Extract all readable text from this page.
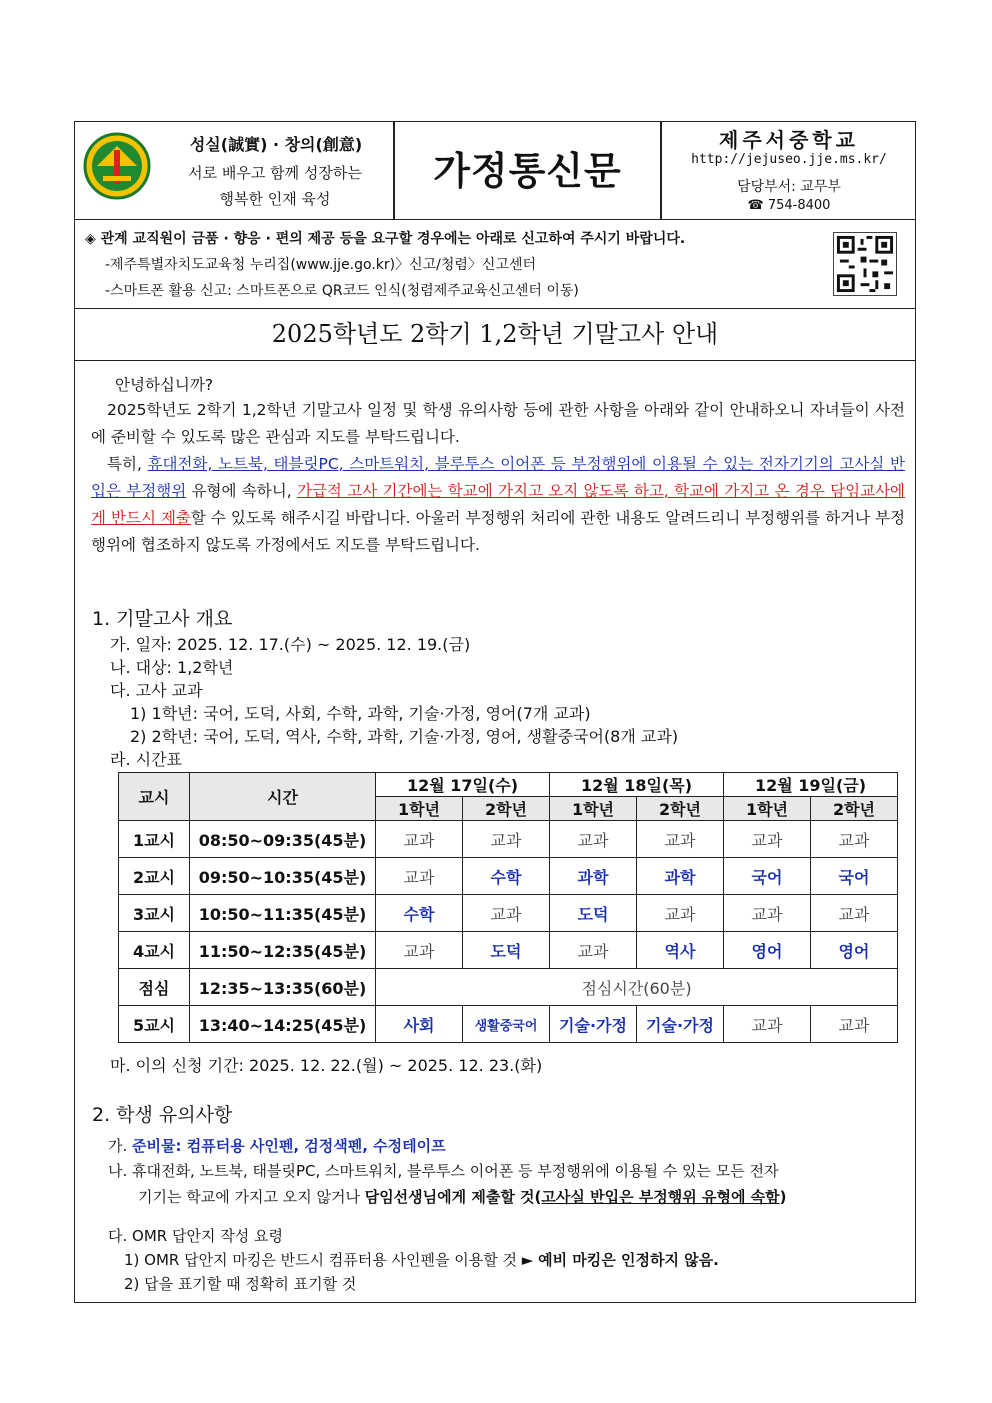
성실(誠實) · 창의(創意)
서로 배우고 함께 성장하는
행복한 인재 육성
가정통신문
제주서중학교
http://jejuseo.jje.ms.kr/
담당부서: 교무부
☎ 754-8400
◈ 관계 교직원이 금품 · 향응 · 편의 제공 등을 요구할 경우에는 아래로 신고하여 주시기 바랍니다.
-제주특별자치도교육청 누리집(www.jje.go.kr)〉신고/청렴〉신고센터
-스마트폰 활용 신고: 스마트폰으로 QR코드 인식(청렴제주교육신고센터 이동)
2025학년도 2학기 1,2학년 기말고사 안내
안녕하십니까?
2025학년도 2학기 1,2학년 기말고사 일정 및 학생 유의사항 등에 관한 사항을 아래와 같이 안내하오니 자녀들이 사전에 준비할 수 있도록 많은 관심과 지도를 부탁드립니다.
특히, 휴대전화, 노트북, 태블릿PC, 스마트워치, 블루투스 이어폰 등 부정행위에 이용될 수 있는 전자기기의 고사실 반입은 부정행위 유형에 속하니, 가급적 고사 기간에는 학교에 가지고 오지 않도록 하고, 학교에 가지고 온 경우 담임교사에게 반드시 제출할 수 있도록 해주시길 바랍니다. 아울러 부정행위 처리에 관한 내용도 알려드리니 부정행위를 하거나 부정행위에 협조하지 않도록 가정에서도 지도를 부탁드립니다.
1. 기말고사 개요
가. 일자: 2025. 12. 17.(수) ~ 2025. 12. 19.(금)
나. 대상: 1,2학년
다. 고사 교과
1) 1학년: 국어, 도덕, 사회, 수학, 과학, 기술·가정, 영어(7개 교과)
2) 2학년: 국어, 도덕, 역사, 수학, 과학, 기술·가정, 영어, 생활중국어(8개 교과)
라. 시간표
교시	시간	12월 17일(수)		12월 18일(목)		12월 19일(금)	
		1학년	2학년	1학년	2학년	1학년	2학년
1교시	08:50~09:35(45분)	교과	교과	교과	교과	교과	교과
2교시	09:50~10:35(45분)	교과	수학	과학	과학	국어	국어
3교시	10:50~11:35(45분)	수학	교과	도덕	교과	교과	교과
4교시	11:50~12:35(45분)	교과	도덕	교과	역사	영어	영어
점심	12:35~13:35(60분)	점심시간(60분)					
5교시	13:40~14:25(45분)	사회	생활중국어	기술·가정	기술·가정	교과	교과
마. 이의 신청 기간: 2025. 12. 22.(월) ~ 2025. 12. 23.(화)
2. 학생 유의사항
가. 준비물: 컴퓨터용 사인펜, 검정색펜, 수정테이프
나. 휴대전화, 노트북, 태블릿PC, 스마트워치, 블루투스 이어폰 등 부정행위에 이용될 수 있는 모든 전자
기기는 학교에 가지고 오지 않거나 담임선생님에게 제출할 것(고사실 반입은 부정행위 유형에 속함)
다. OMR 답안지 작성 요령
1) OMR 답안지 마킹은 반드시 컴퓨터용 사인펜을 이용할 것 ► 예비 마킹은 인정하지 않음.
2) 답을 표기할 때 정확히 표기할 것
